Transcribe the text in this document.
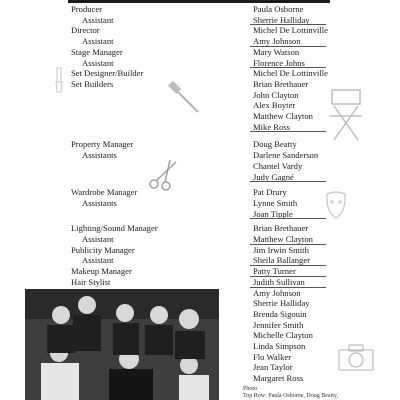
Producer	Paula Osborne
Assistant	Sherrie Halliday
Director	Michel De Lottinville
Assistant	Amy Johnson
Stage Manager	Mary Watson
Assistant	Florence Johns
Set Designer/Builder	Michel De Lottinville
Set Builders	Brian Brethauer
John Clayton
Alex Boyter
Matthew Clayton
Mike Ross
Property Manager	Doug Beatty
Assistants	Darlene Sanderson
Chantel Vardy
Judy Gagné
Wardrobe Manager	Pat Drury
Assistants	Lynne Smith
Joan Tipple
Lighting/Sound Manager	Brian Brethauer
Assistant	Matthew Clayton
Publicity Manager	Jim Irwin Smith
Assistant	Sheila Ballanger
Makeup Manager	Patty Turner
Hair Stylist	Judith Sullivan
Amy Johnson
Sherrie Halliday
Brenda Sigouin
Jennifer Smith
Michelle Clayton
Linda Simpson
Flo Walker
Jean Taylor
Margaret Ross
Photo
Top Row: Paula Osborne, Doug Beatty,
